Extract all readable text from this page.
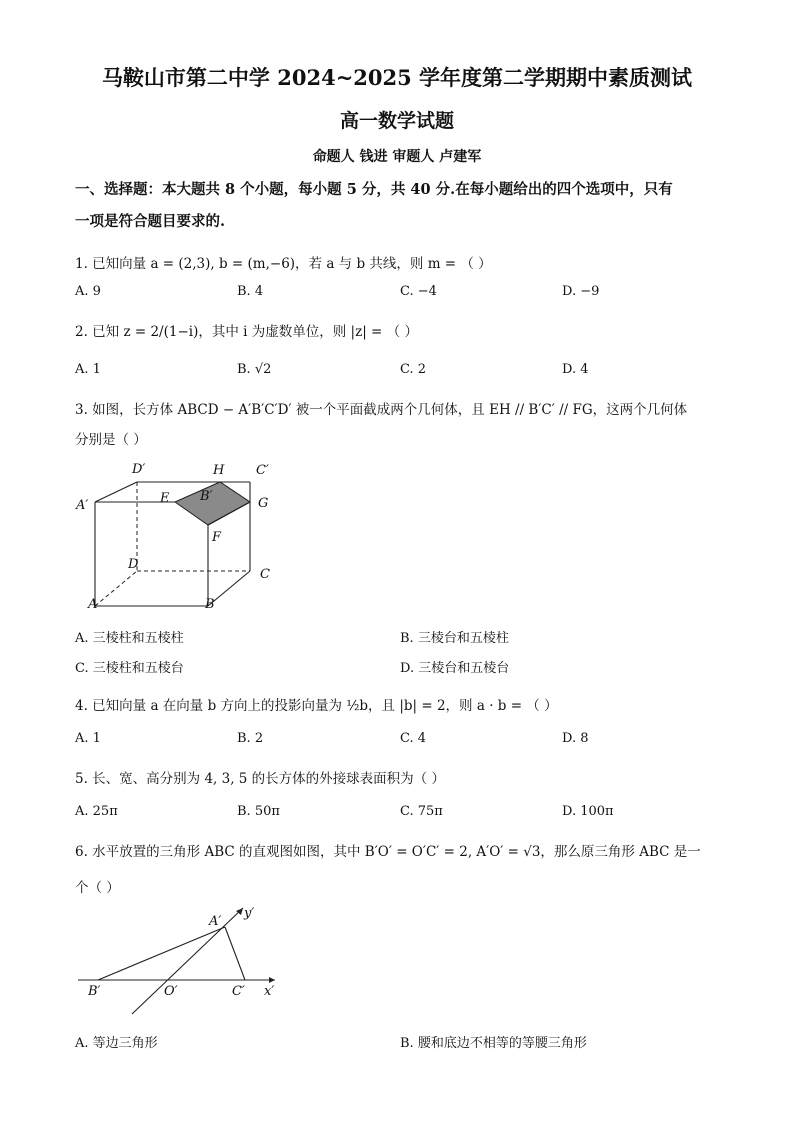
马鞍山市第二中学 2024~2025 学年度第二学期期中素质测试
高一数学试题
命题人 钱进 审题人 卢建军
一、选择题：本大题共 8 个小题，每小题 5 分，共 40 分.在每小题给出的四个选项中，只有
一项是符合题目要求的.
1. 已知向量 a = (2,3), b = (m,−6)，若 a 与 b 共线，则 m = （ ）
A. 9	B. 4	C. −4	D. −9
2. 已知 z = 2/(1−i)，其中 i 为虚数单位，则 |z| = （ ）
A. 1	B. √2	C. 2	D. 4
3. 如图，长方体 ABCD − A′B′C′D′ 被一个平面截成两个几何体，且 EH // B′C′ // FG，这两个几何体
分别是（ ）
D′	H C′
A′	E B′	G
F
D
C
A	B
A. 三棱柱和五棱柱	B. 三棱台和五棱柱
C. 三棱柱和五棱台	D. 三棱台和五棱台
4. 已知向量 a 在向量 b 方向上的投影向量为 ½b，且 |b| = 2，则 a · b = （ ）
A. 1	B. 2	C. 4	D. 8
5. 长、宽、高分别为 4, 3, 5 的长方体的外接球表面积为（ ）
A. 25π	B. 50π	C. 75π	D. 100π
6. 水平放置的三角形 ABC 的直观图如图，其中 B′O′ = O′C′ = 2, A′O′ = √3，那么原三角形 ABC 是一
个（ ）
A′
y′
B′	O′	C′ x′
A. 等边三角形	B. 腰和底边不相等的等腰三角形
